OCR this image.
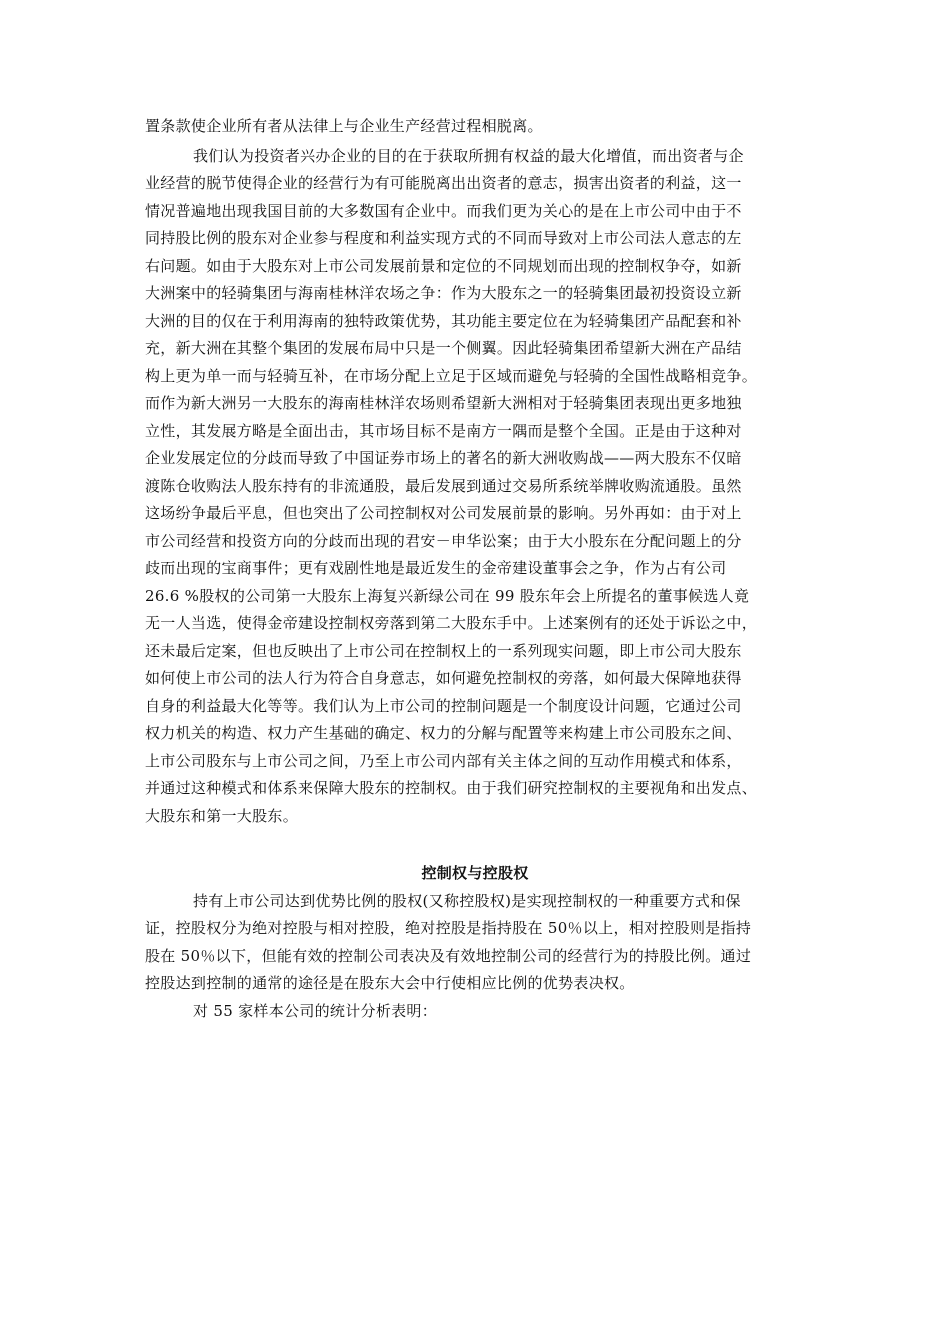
置条款使企业所有者从法律上与企业生产经营过程相脱离。
我们认为投资者兴办企业的目的在于获取所拥有权益的最大化增值，而出资者与企
业经营的脱节使得企业的经营行为有可能脱离出出资者的意志，损害出资者的利益，这一
情况普遍地出现我国目前的大多数国有企业中。而我们更为关心的是在上市公司中由于不
同持股比例的股东对企业参与程度和利益实现方式的不同而导致对上市公司法人意志的左
右问题。如由于大股东对上市公司发展前景和定位的不同规划而出现的控制权争夺，如新
大洲案中的轻骑集团与海南桂林洋农场之争：作为大股东之一的轻骑集团最初投资设立新
大洲的目的仅在于利用海南的独特政策优势，其功能主要定位在为轻骑集团产品配套和补
充，新大洲在其整个集团的发展布局中只是一个侧翼。因此轻骑集团希望新大洲在产品结
构上更为单一而与轻骑互补，在市场分配上立足于区域而避免与轻骑的全国性战略相竞争。
而作为新大洲另一大股东的海南桂林洋农场则希望新大洲相对于轻骑集团表现出更多地独
立性，其发展方略是全面出击，其市场目标不是南方一隅而是整个全国。正是由于这种对
企业发展定位的分歧而导致了中国证券市场上的著名的新大洲收购战——两大股东不仅暗
渡陈仓收购法人股东持有的非流通股，最后发展到通过交易所系统举牌收购流通股。虽然
这场纷争最后平息，但也突出了公司控制权对公司发展前景的影响。另外再如：由于对上
市公司经营和投资方向的分歧而出现的君安－申华讼案；由于大小股东在分配问题上的分
歧而出现的宝商事件；更有戏剧性地是最近发生的金帝建设董事会之争，作为占有公司
26.6 %股权的公司第一大股东上海复兴新绿公司在 99 股东年会上所提名的董事候选人竟
无一人当选，使得金帝建设控制权旁落到第二大股东手中。上述案例有的还处于诉讼之中，
还未最后定案，但也反映出了上市公司在控制权上的一系列现实问题，即上市公司大股东
如何使上市公司的法人行为符合自身意志，如何避免控制权的旁落，如何最大保障地获得
自身的利益最大化等等。我们认为上市公司的控制问题是一个制度设计问题，它通过公司
权力机关的构造、权力产生基础的确定、权力的分解与配置等来构建上市公司股东之间、
上市公司股东与上市公司之间，乃至上市公司内部有关主体之间的互动作用模式和体系，
并通过这种模式和体系来保障大股东的控制权。由于我们研究控制权的主要视角和出发点、
大股东和第一大股东。
控制权与控股权
持有上市公司达到优势比例的股权(又称控股权)是实现控制权的一种重要方式和保
证，控股权分为绝对控股与相对控股，绝对控股是指持股在 50％以上，相对控股则是指持
股在 50％以下，但能有效的控制公司表决及有效地控制公司的经营行为的持股比例。通过
控股达到控制的通常的途径是在股东大会中行使相应比例的优势表决权。
对 55 家样本公司的统计分析表明：
